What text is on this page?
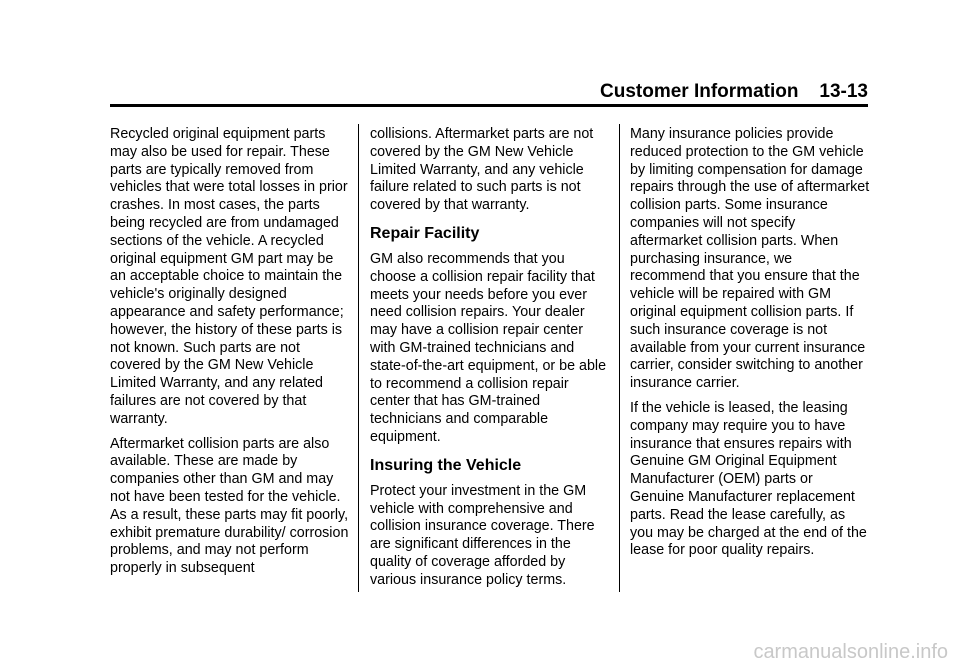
Customer Information 13-13

Recycled original equipment parts may also be used for repair. These parts are typically removed from vehicles that were total losses in prior crashes. In most cases, the parts being recycled are from undamaged sections of the vehicle. A recycled original equipment GM part may be an acceptable choice to maintain the vehicle's originally designed appearance and safety performance; however, the history of these parts is not known. Such parts are not covered by the GM New Vehicle Limited Warranty, and any related failures are not covered by that warranty.

Aftermarket collision parts are also available. These are made by companies other than GM and may not have been tested for the vehicle. As a result, these parts may fit poorly, exhibit premature durability/ corrosion problems, and may not perform properly in subsequent

collisions. Aftermarket parts are not covered by the GM New Vehicle Limited Warranty, and any vehicle failure related to such parts is not covered by that warranty.

Repair Facility

GM also recommends that you choose a collision repair facility that meets your needs before you ever need collision repairs. Your dealer may have a collision repair center with GM-trained technicians and state-of-the-art equipment, or be able to recommend a collision repair center that has GM-trained technicians and comparable equipment.

Insuring the Vehicle

Protect your investment in the GM vehicle with comprehensive and collision insurance coverage. There are significant differences in the quality of coverage afforded by various insurance policy terms.

Many insurance policies provide reduced protection to the GM vehicle by limiting compensation for damage repairs through the use of aftermarket collision parts. Some insurance companies will not specify aftermarket collision parts. When purchasing insurance, we recommend that you ensure that the vehicle will be repaired with GM original equipment collision parts. If such insurance coverage is not available from your current insurance carrier, consider switching to another insurance carrier.

If the vehicle is leased, the leasing company may require you to have insurance that ensures repairs with Genuine GM Original Equipment Manufacturer (OEM) parts or Genuine Manufacturer replacement parts. Read the lease carefully, as you may be charged at the end of the lease for poor quality repairs.

carmanualsonline.info
